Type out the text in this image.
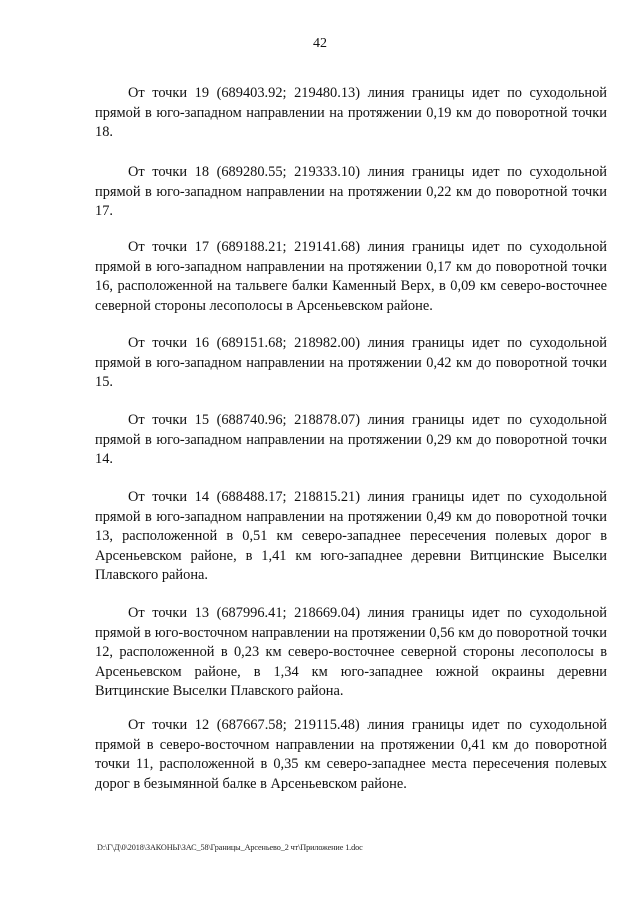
42

От точки 19 (689403.92; 219480.13) линия границы идет по суходольной прямой в юго-западном направлении на протяжении 0,19 км до поворотной точки 18.

От точки 18 (689280.55; 219333.10) линия границы идет по суходольной прямой в юго-западном направлении на протяжении 0,22 км до поворотной точки 17.

От точки 17 (689188.21; 219141.68) линия границы идет по суходольной прямой в юго-западном направлении на протяжении 0,17 км до поворотной точки 16, расположенной на тальвеге балки Каменный Верх, в 0,09 км северо-восточнее северной стороны лесополосы в Арсеньевском районе.

От точки 16 (689151.68; 218982.00) линия границы идет по суходольной прямой в юго-западном направлении на протяжении 0,42 км до поворотной точки 15.

От точки 15 (688740.96; 218878.07) линия границы идет по суходольной прямой в юго-западном направлении на протяжении 0,29 км до поворотной точки 14.

От точки 14 (688488.17; 218815.21) линия границы идет по суходольной прямой в юго-западном направлении на протяжении 0,49 км до поворотной точки 13, расположенной в 0,51 км северо-западнее пересечения полевых дорог в Арсеньевском районе, в 1,41 км юго-западнее деревни Витцинские Выселки Плавского района.

От точки 13 (687996.41; 218669.04) линия границы идет по суходольной прямой в юго-восточном направлении на протяжении 0,56 км до поворотной точки 12, расположенной в 0,23 км северо-восточнее северной стороны лесополосы в Арсеньевском районе, в 1,34 км юго-западнее южной окраины деревни Витцинские Выселки Плавского района.

От точки 12 (687667.58; 219115.48) линия границы идет по суходольной прямой в северо-восточном направлении на протяжении 0,41 км до поворотной точки 11, расположенной в 0,35 км северо-западнее места пересечения полевых дорог в безымянной балке в Арсеньевском районе.

D:\Г\Д\0\2018\ЗАКОНЫ\ЗАС_58\Границы_Арсеньево_2 чт\Приложение 1.doc
